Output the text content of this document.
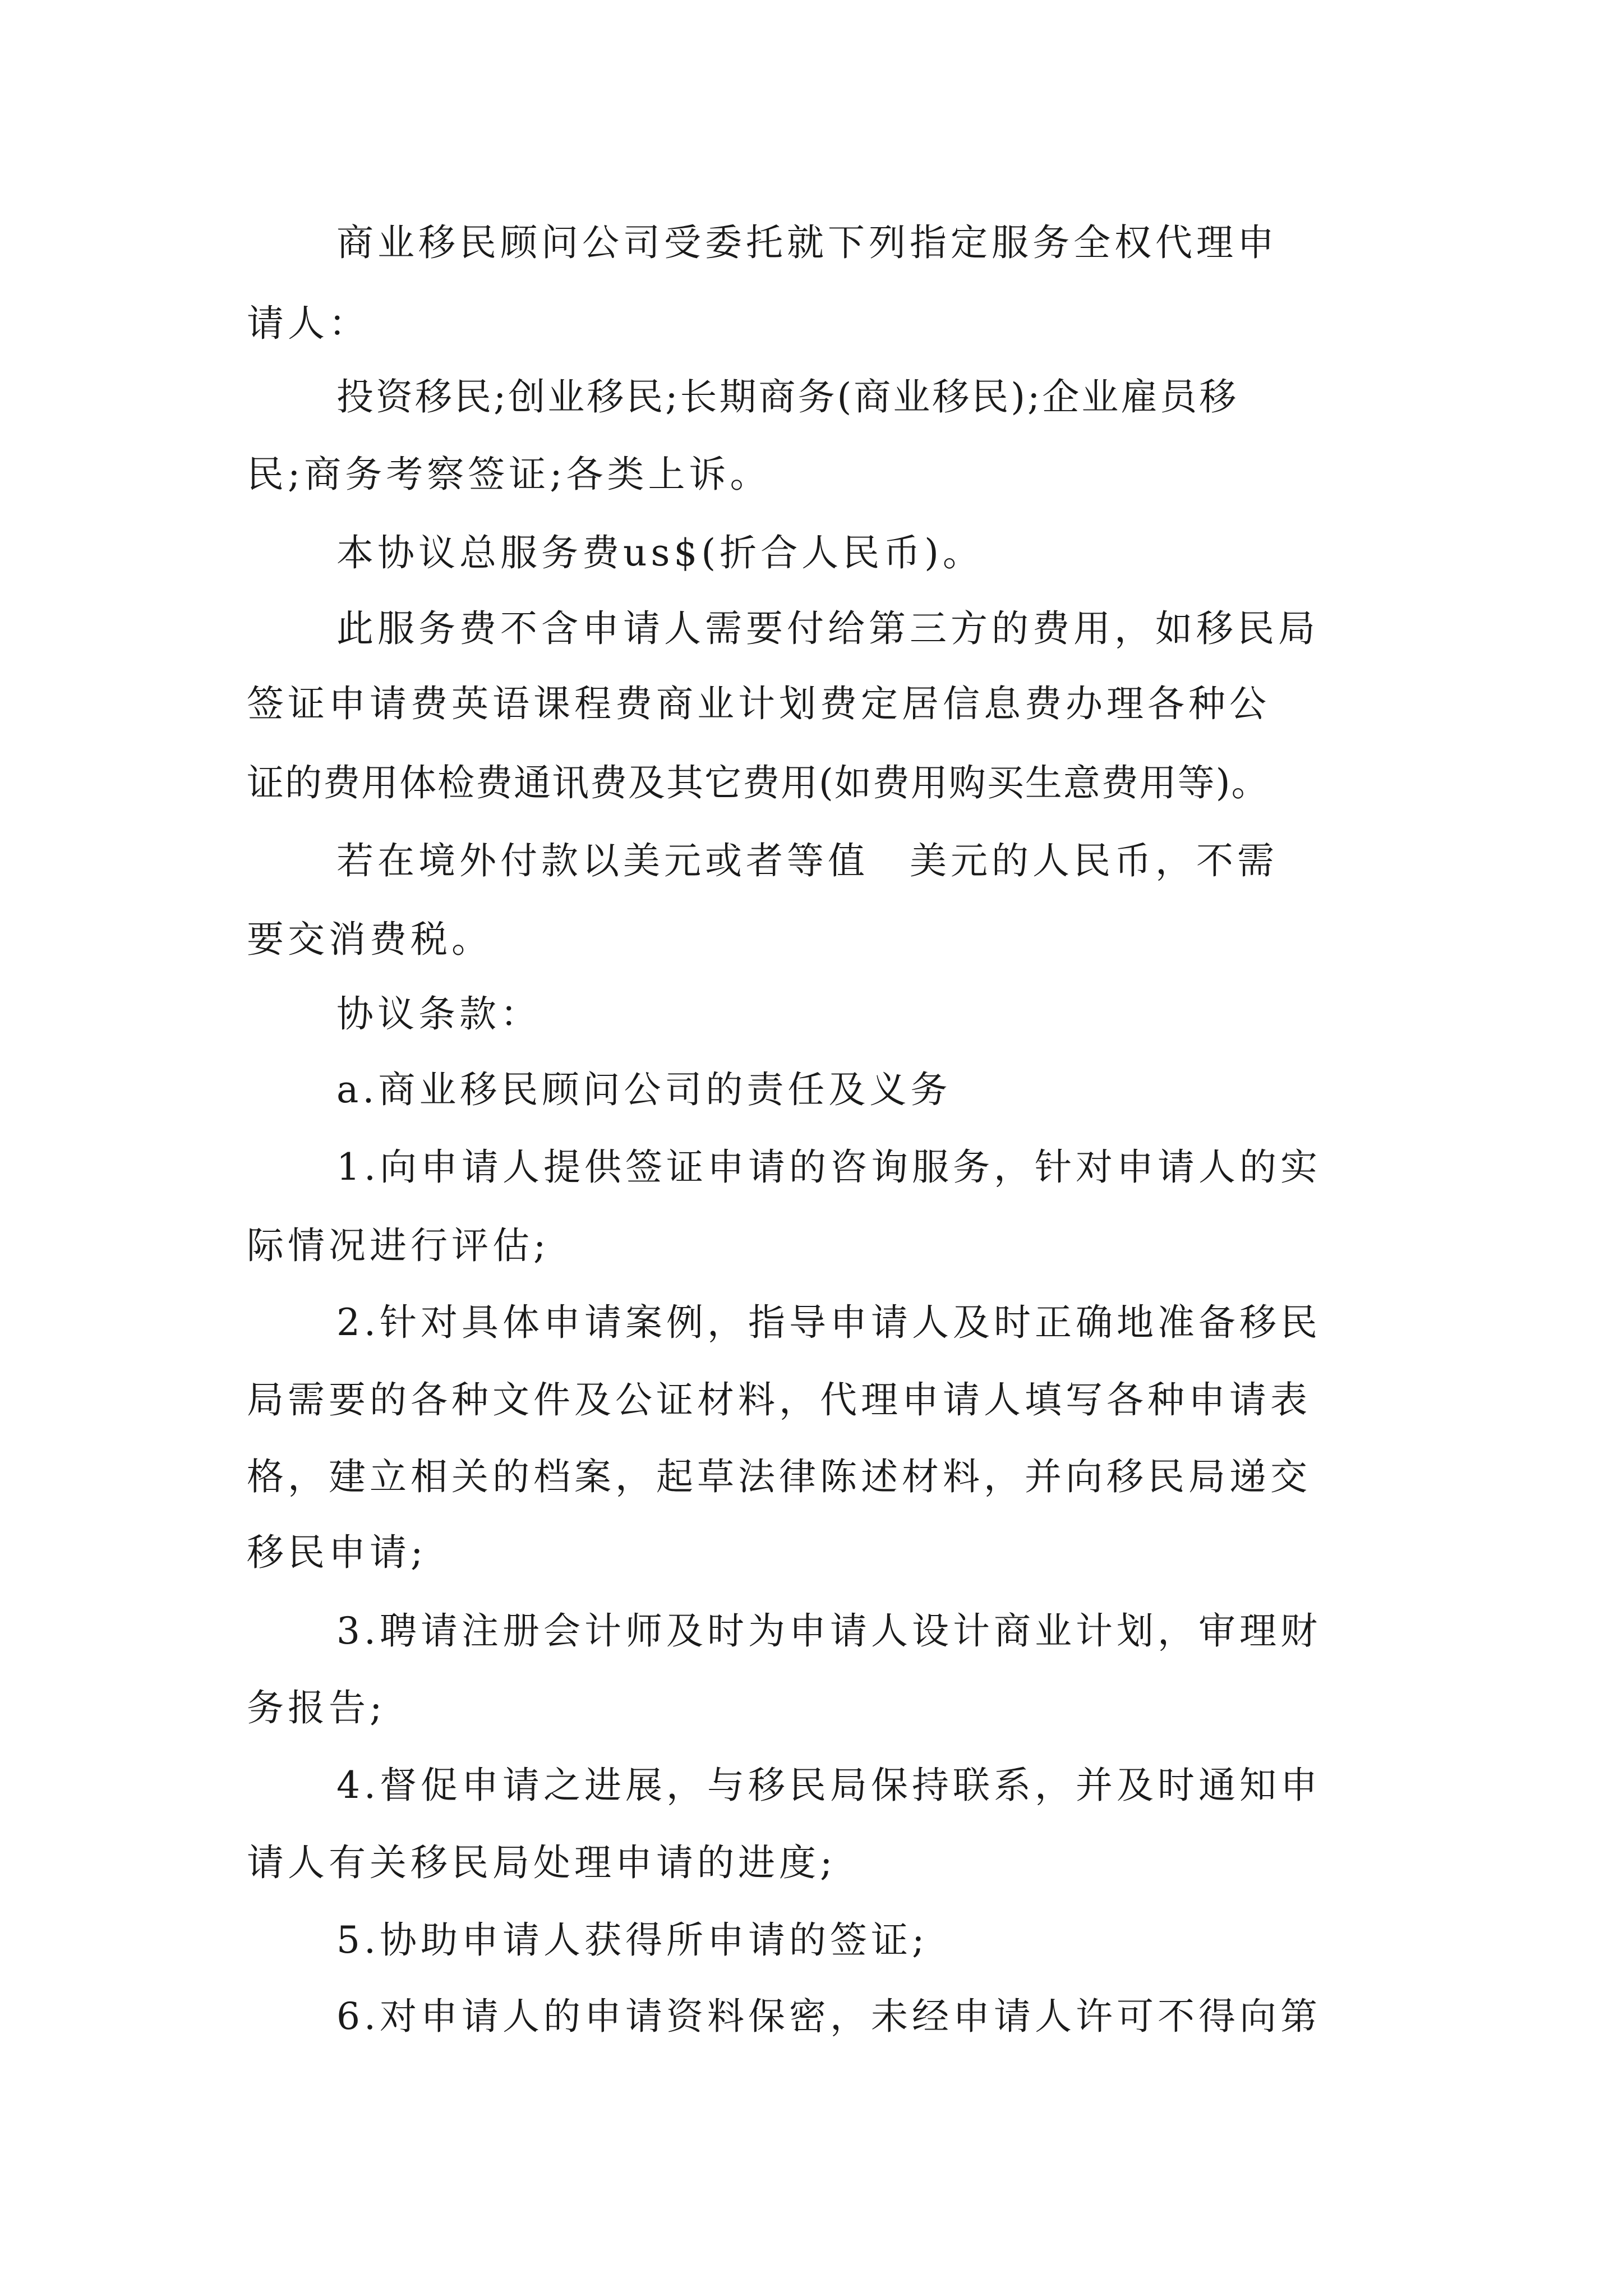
商业移民顾问公司受委托就下列指定服务全权代理申
请人：
投资移民;创业移民;长期商务(商业移民);企业雇员移
民;商务考察签证;各类上诉。
本协议总服务费us$(折合人民币)。
此服务费不含申请人需要付给第三方的费用，如移民局
签证申请费英语课程费商业计划费定居信息费办理各种公
证的费用体检费通讯费及其它费用(如费用购买生意费用等)。
若在境外付款以美元或者等值　美元的人民币，不需
要交消费税。
协议条款：
a.商业移民顾问公司的责任及义务
1.向申请人提供签证申请的咨询服务，针对申请人的实
际情况进行评估;
2.针对具体申请案例，指导申请人及时正确地准备移民
局需要的各种文件及公证材料，代理申请人填写各种申请表
格，建立相关的档案，起草法律陈述材料，并向移民局递交
移民申请;
3.聘请注册会计师及时为申请人设计商业计划，审理财
务报告;
4.督促申请之进展，与移民局保持联系，并及时通知申
请人有关移民局处理申请的进度;
5.协助申请人获得所申请的签证;
6.对申请人的申请资料保密，未经申请人许可不得向第
